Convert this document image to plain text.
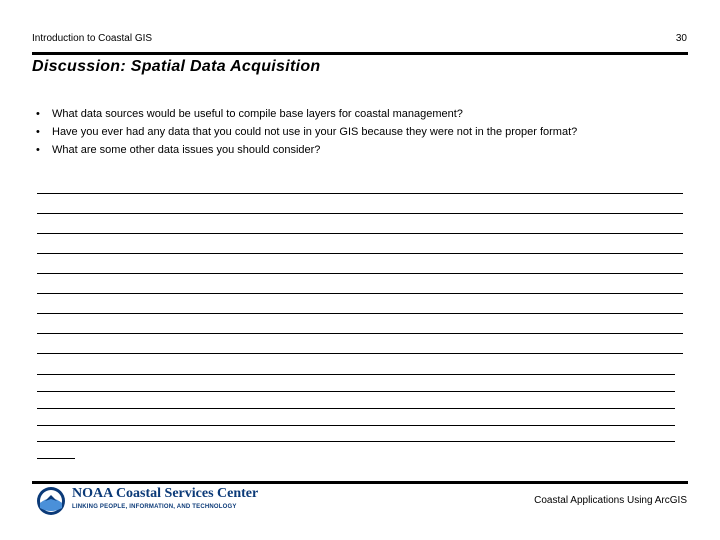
Introduction to Coastal GIS	30
Discussion: Spatial Data Acquisition
• What data sources would be useful to compile base layers for coastal management?
• Have you ever had any data that you could not use in your GIS because they were not in the proper format?
• What are some other data issues you should consider?
NOAA Coastal Services Center
LINKING PEOPLE, INFORMATION, AND TECHNOLOGY
Coastal Applications Using ArcGIS
